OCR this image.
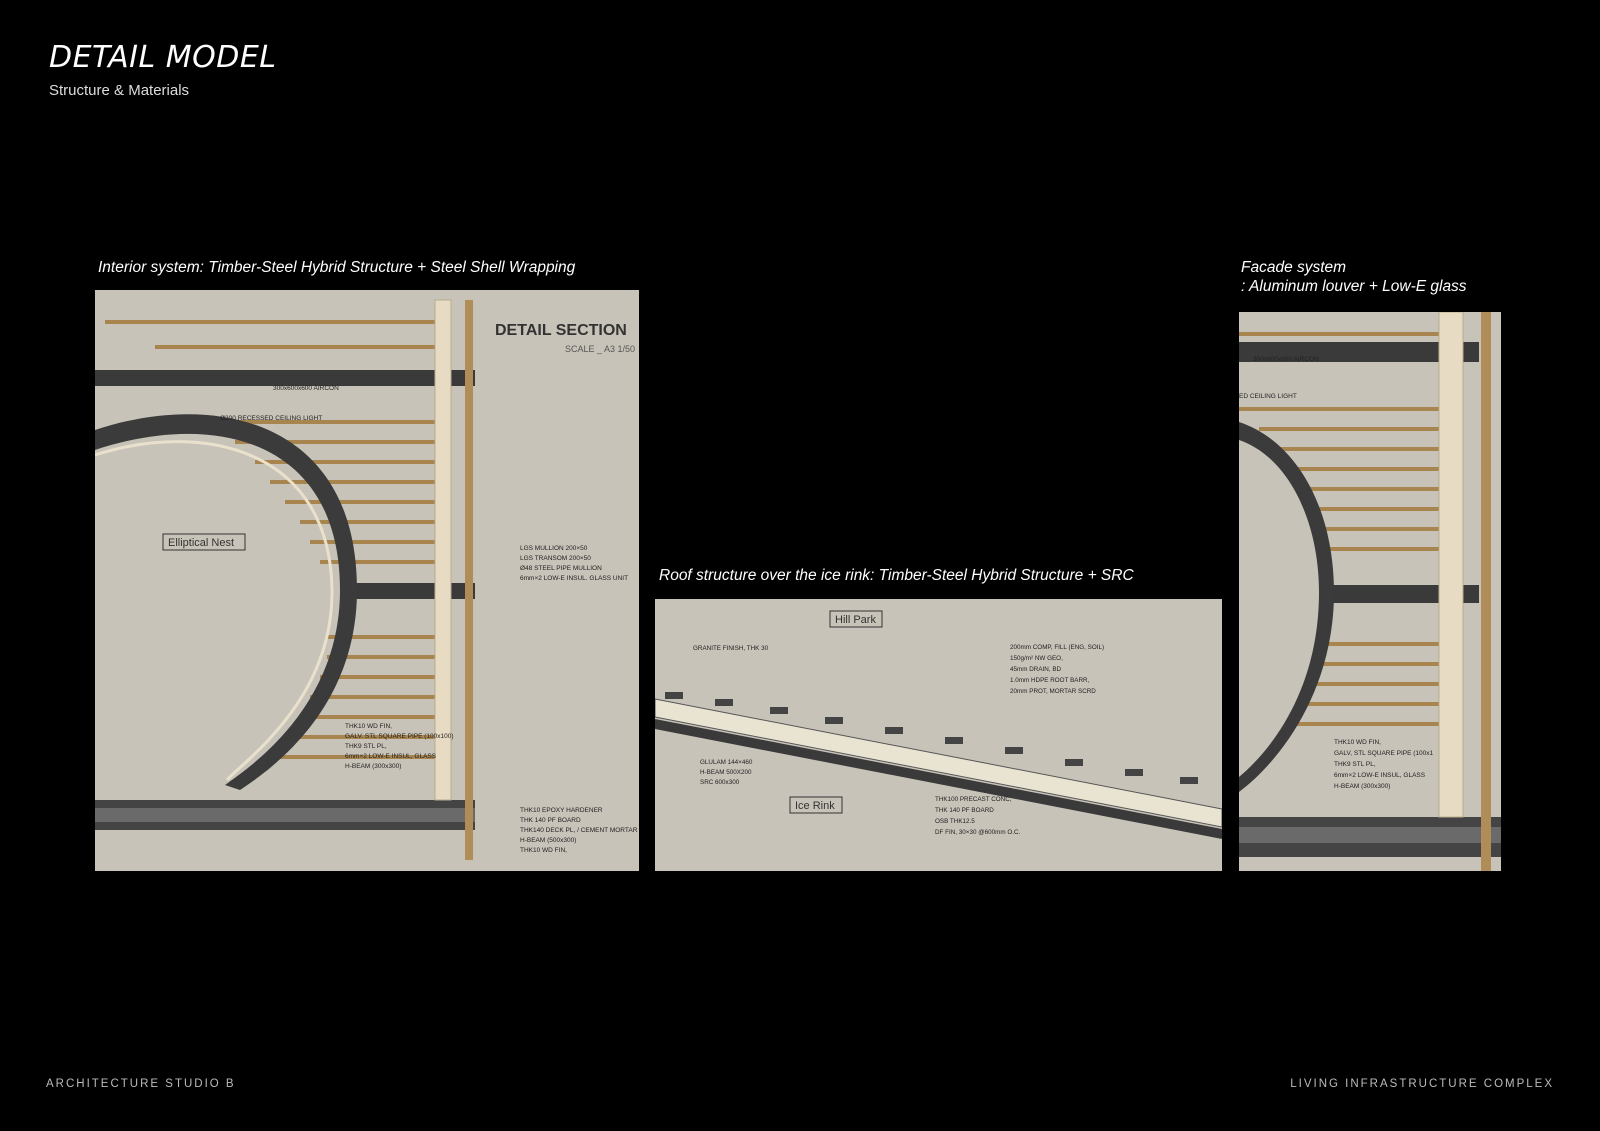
DETAIL MODEL
Structure & Materials
Interior system: Timber-Steel Hybrid Structure + Steel Shell Wrapping
Roof structure over the ice rink: Timber-Steel Hybrid Structure + SRC
Facade system
: Aluminum louver + Low-E glass
DETAIL SECTION
SCALE _ A3 1/50
Elliptical Nest
300x600x600 AIRCON
Ø200 RECESSED CEILING LIGHT
LGS MULLION 200×50
LGS TRANSOM 200×50
Ø48 STEEL PIPE MULLION
6mm×2 LOW-E INSUL. GLASS UNIT
THK10 WD FIN,
GALV. STL SQUARE PIPE (100x100)
THK9 STL PL,
6mm×2 LOW-E INSUL, GLASS
H-BEAM (300x300)
THK10 EPOXY HARDENER
THK 140 PF BOARD
THK140 DECK PL, / CEMENT MORTAR
H-BEAM (500x300)
THK10 WD FIN,
Hill Park
Ice Rink
GRANITE FINISH, THK 30	200mm COMP, FILL (ENG, SOIL)
150g/m² NW GEO,
45mm DRAIN, BD
1.0mm HDPE ROOT BARR,
20mm PROT, MORTAR SCRD
GLULAM 144×460
H-BEAM 500X200
SRC 600x300
THK100 PRECAST CONC,
THK 140 PF BOARD
OSB THK12.5
DF FIN, 30×30 @600mm O.C.
300x600x600 AIRCON
ED CEILING LIGHT
THK10 WD FIN,
GALV, STL SQUARE PIPE (100x1
THK9 STL PL,
6mm×2 LOW-E INSUL, GLASS
H-BEAM (300x300)
ARCHITECTURE STUDIO B	LIVING INFRASTRUCTURE COMPLEX
